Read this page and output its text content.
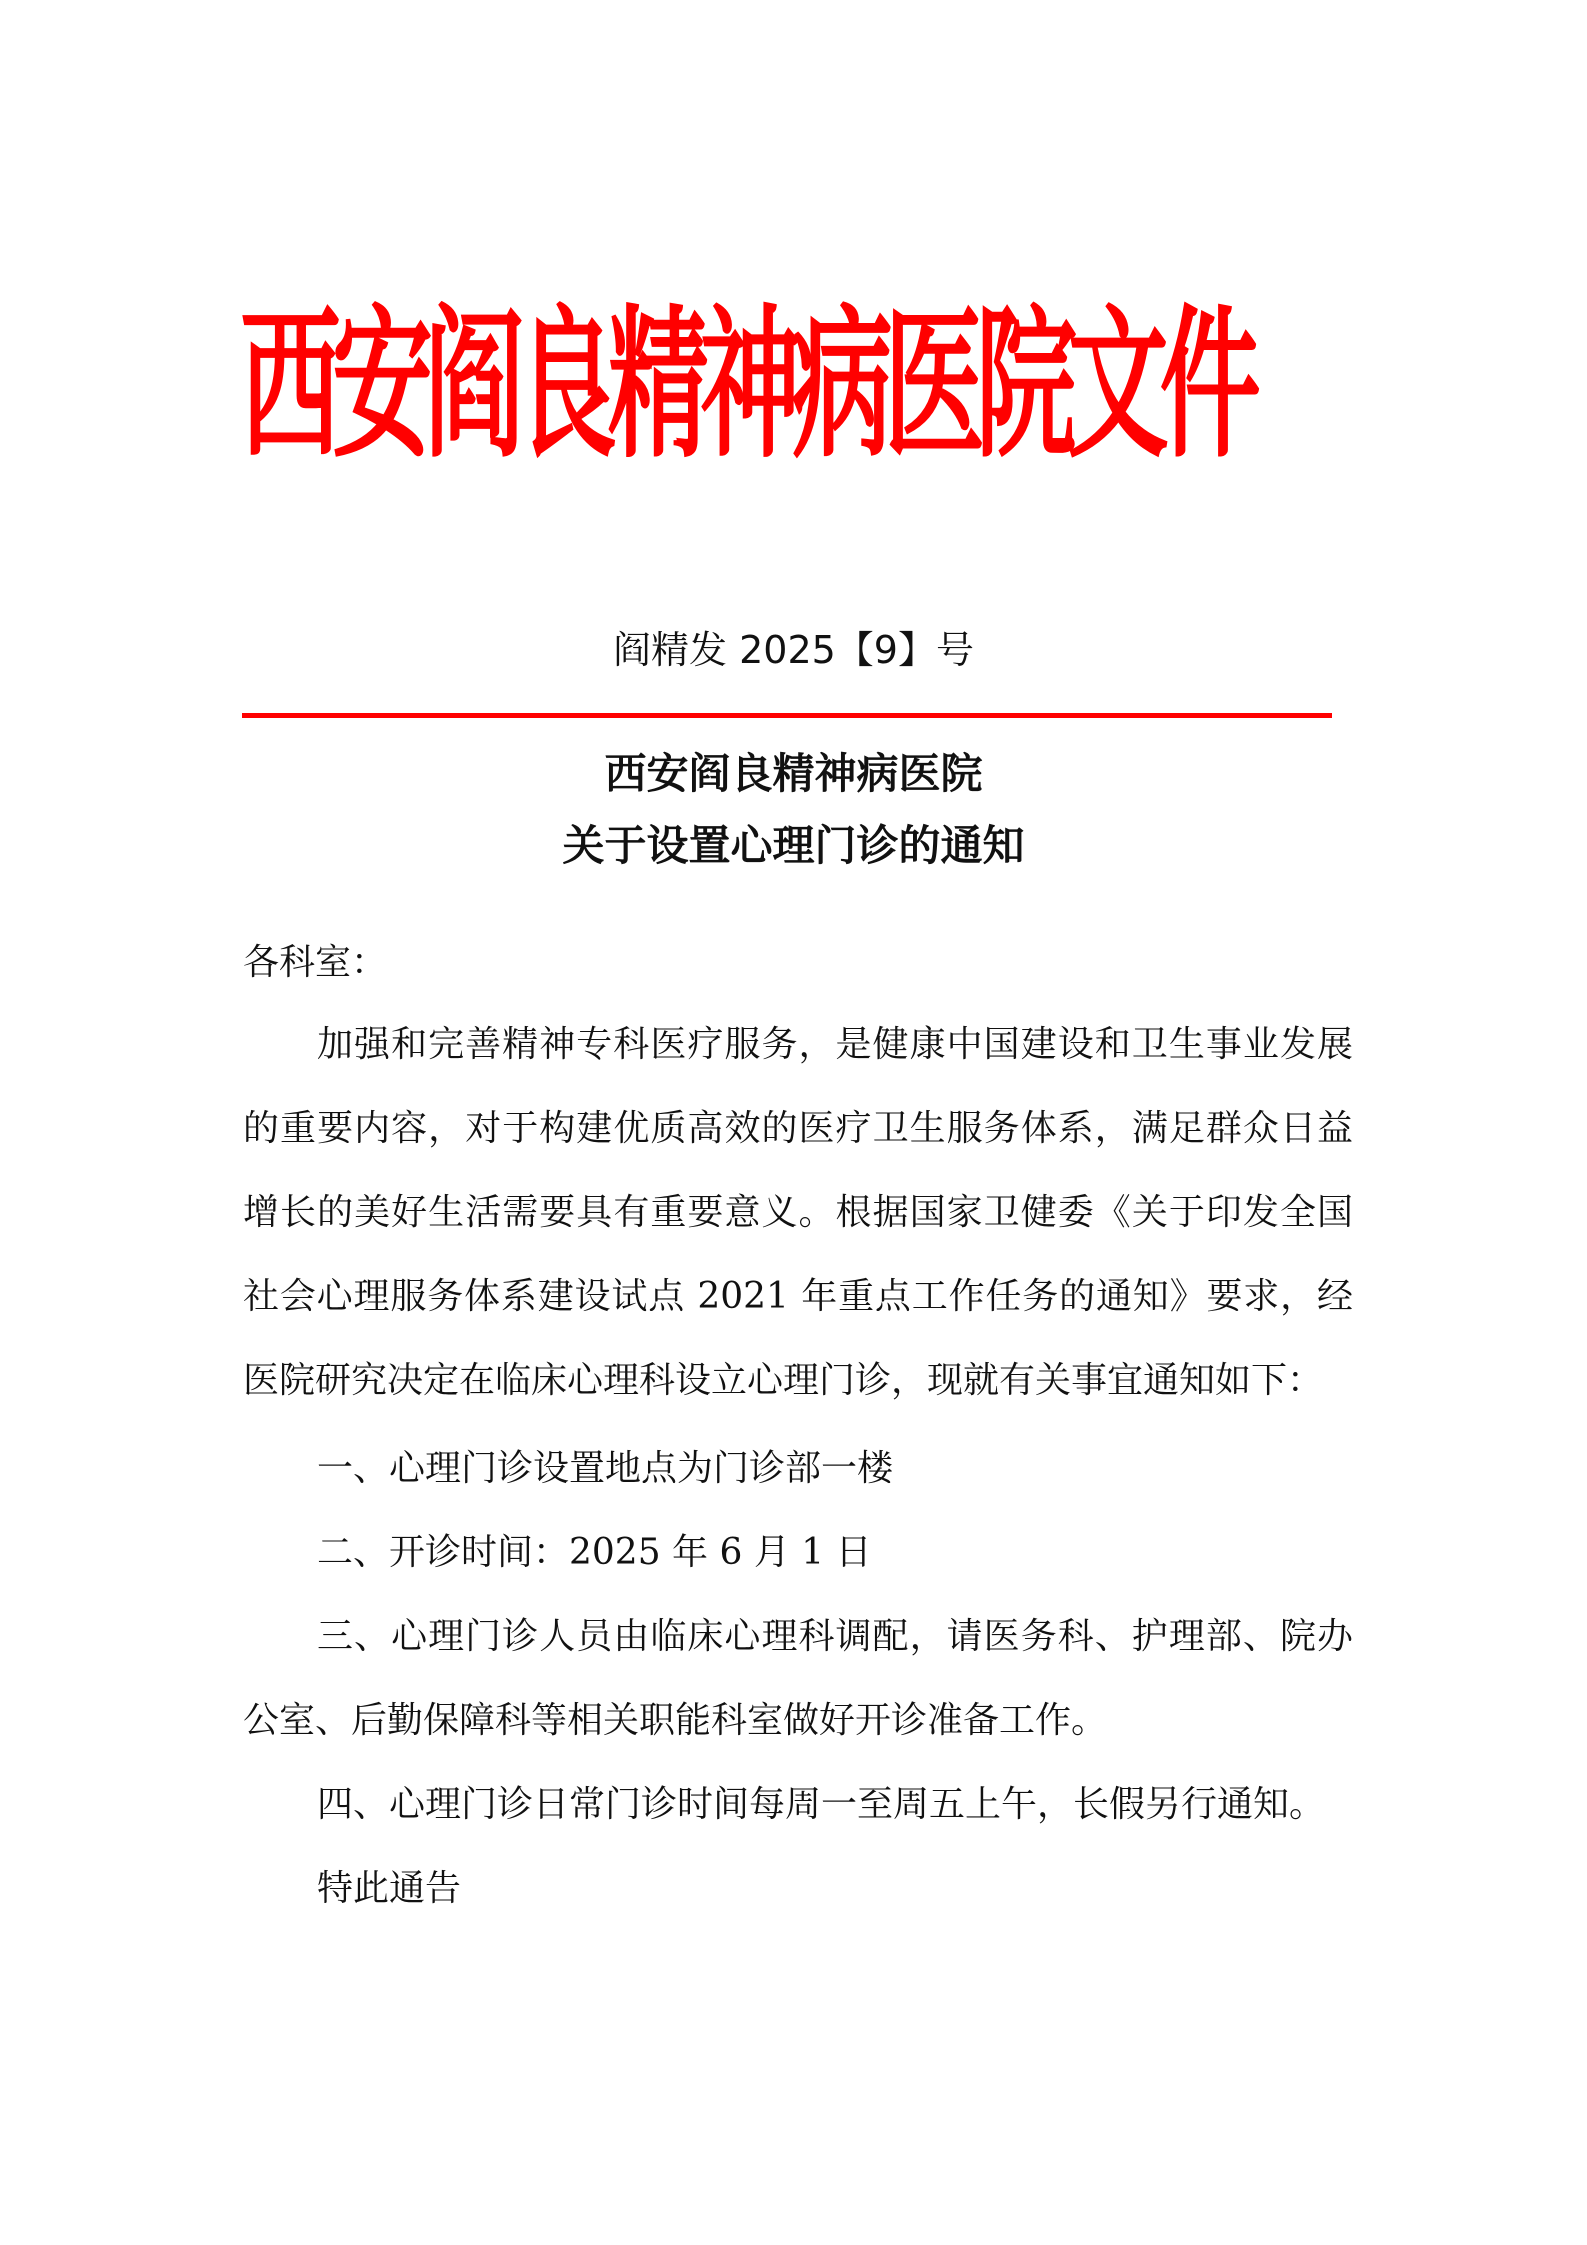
西安阎良精神病医院文件
阎精发 2025【9】号
西安阎良精神病医院
关于设置心理门诊的通知
各科室：
加强和完善精神专科医疗服务，是健康中国建设和卫生事业发展
的重要内容，对于构建优质高效的医疗卫生服务体系，满足群众日益
增长的美好生活需要具有重要意义。根据国家卫健委《关于印发全国
社会心理服务体系建设试点 2021 年重点工作任务的通知》要求，经
医院研究决定在临床心理科设立心理门诊，现就有关事宜通知如下：
一、心理门诊设置地点为门诊部一楼
二、开诊时间：2025 年 6 月 1 日
三、心理门诊人员由临床心理科调配，请医务科、护理部、院办
公室、后勤保障科等相关职能科室做好开诊准备工作。
四、心理门诊日常门诊时间每周一至周五上午，长假另行通知。
特此通告
